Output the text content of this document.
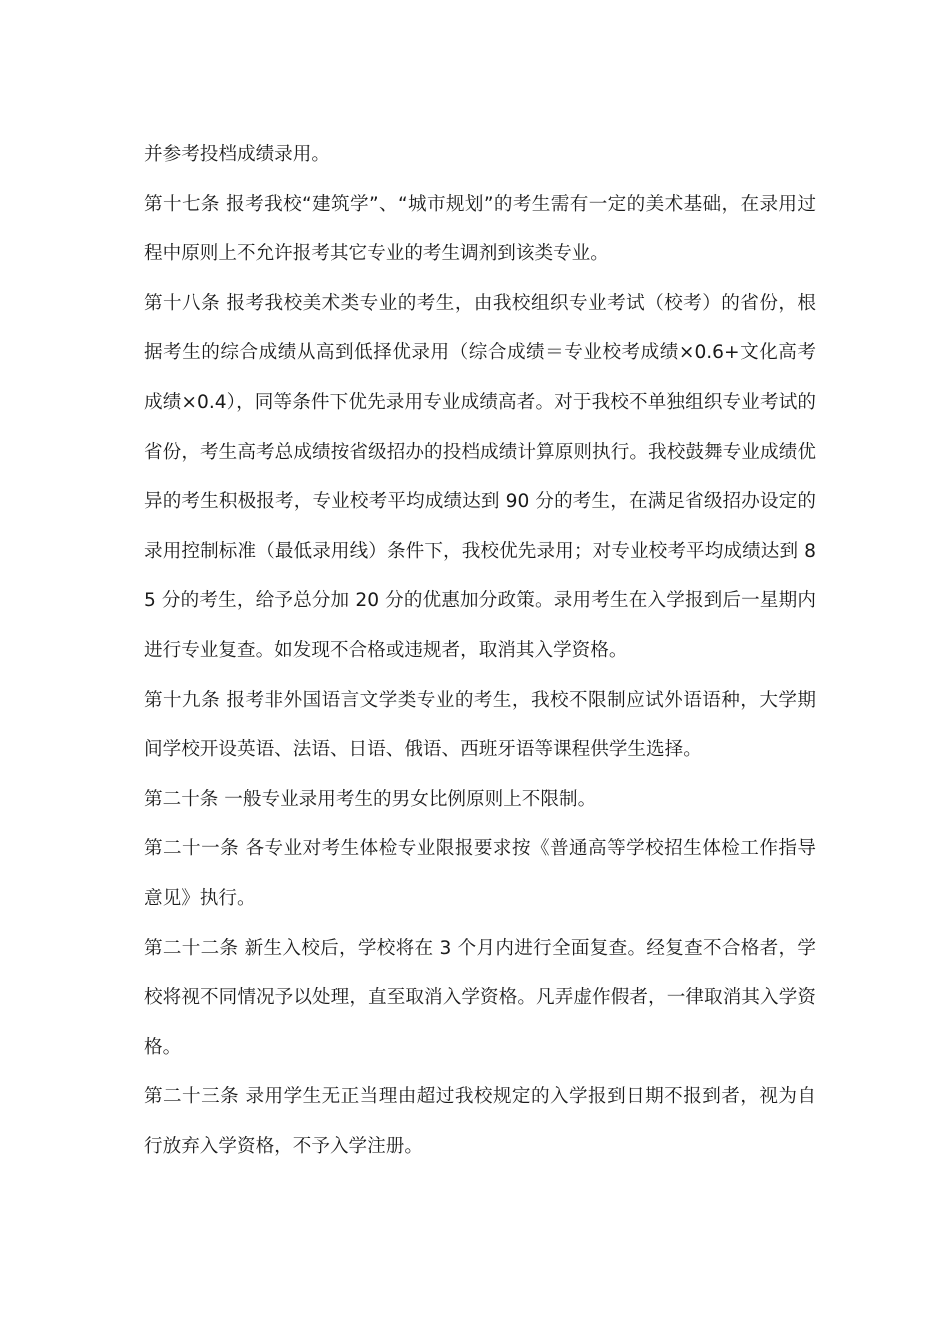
并参考投档成绩录用。

第十七条 报考我校“建筑学”、“城市规划”的考生需有一定的美术基础，在录用过程中原则上不允许报考其它专业的考生调剂到该类专业。

第十八条 报考我校美术类专业的考生，由我校组织专业考试（校考）的省份，根据考生的综合成绩从高到低择优录用（综合成绩＝专业校考成绩×0.6+文化高考成绩×0.4），同等条件下优先录用专业成绩高者。对于我校不单独组织专业考试的省份，考生高考总成绩按省级招办的投档成绩计算原则执行。我校鼓舞专业成绩优异的考生积极报考，专业校考平均成绩达到 90 分的考生，在满足省级招办设定的录用控制标准（最低录用线）条件下，我校优先录用；对专业校考平均成绩达到 85 分的考生，给予总分加 20 分的优惠加分政策。录用考生在入学报到后一星期内进行专业复查。如发现不合格或违规者，取消其入学资格。

第十九条 报考非外国语言文学类专业的考生，我校不限制应试外语语种，大学期间学校开设英语、法语、日语、俄语、西班牙语等课程供学生选择。

第二十条 一般专业录用考生的男女比例原则上不限制。

第二十一条 各专业对考生体检专业限报要求按《普通高等学校招生体检工作指导意见》执行。

第二十二条 新生入校后，学校将在 3 个月内进行全面复查。经复查不合格者，学校将视不同情况予以处理，直至取消入学资格。凡弄虚作假者，一律取消其入学资格。

第二十三条 录用学生无正当理由超过我校规定的入学报到日期不报到者，视为自行放弃入学资格，不予入学注册。
